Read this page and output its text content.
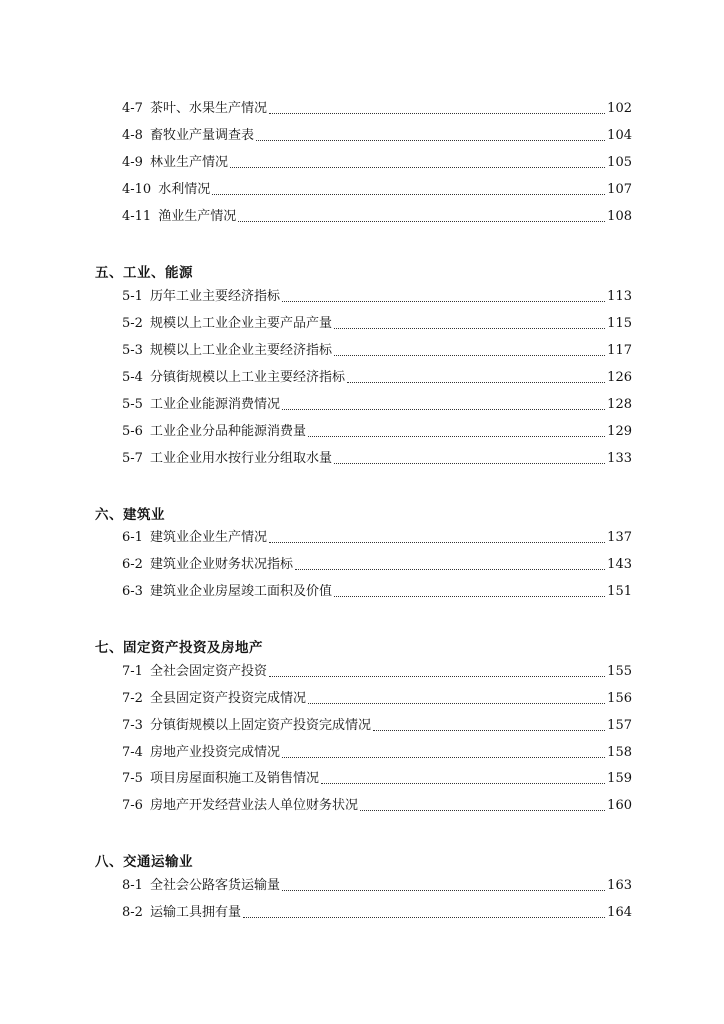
4-7 茶叶、水果生产情况	102
4-8 畜牧业产量调查表	104
4-9 林业生产情况	105
4-10 水利情况	107
4-11 渔业生产情况	108
五、工业、能源
5-1 历年工业主要经济指标	113
5-2 规模以上工业企业主要产品产量	115
5-3 规模以上工业企业主要经济指标	117
5-4 分镇街规模以上工业主要经济指标	126
5-5 工业企业能源消费情况	128
5-6 工业企业分品种能源消费量	129
5-7 工业企业用水按行业分组取水量	133
六、建筑业
6-1 建筑业企业生产情况	137
6-2 建筑业企业财务状况指标	143
6-3 建筑业企业房屋竣工面积及价值	151
七、固定资产投资及房地产
7-1 全社会固定资产投资	155
7-2 全县固定资产投资完成情况	156
7-3 分镇街规模以上固定资产投资完成情况	157
7-4 房地产业投资完成情况	158
7-5 项目房屋面积施工及销售情况	159
7-6 房地产开发经营业法人单位财务状况	160
八、交通运输业
8-1 全社会公路客货运输量	163
8-2 运输工具拥有量	164
